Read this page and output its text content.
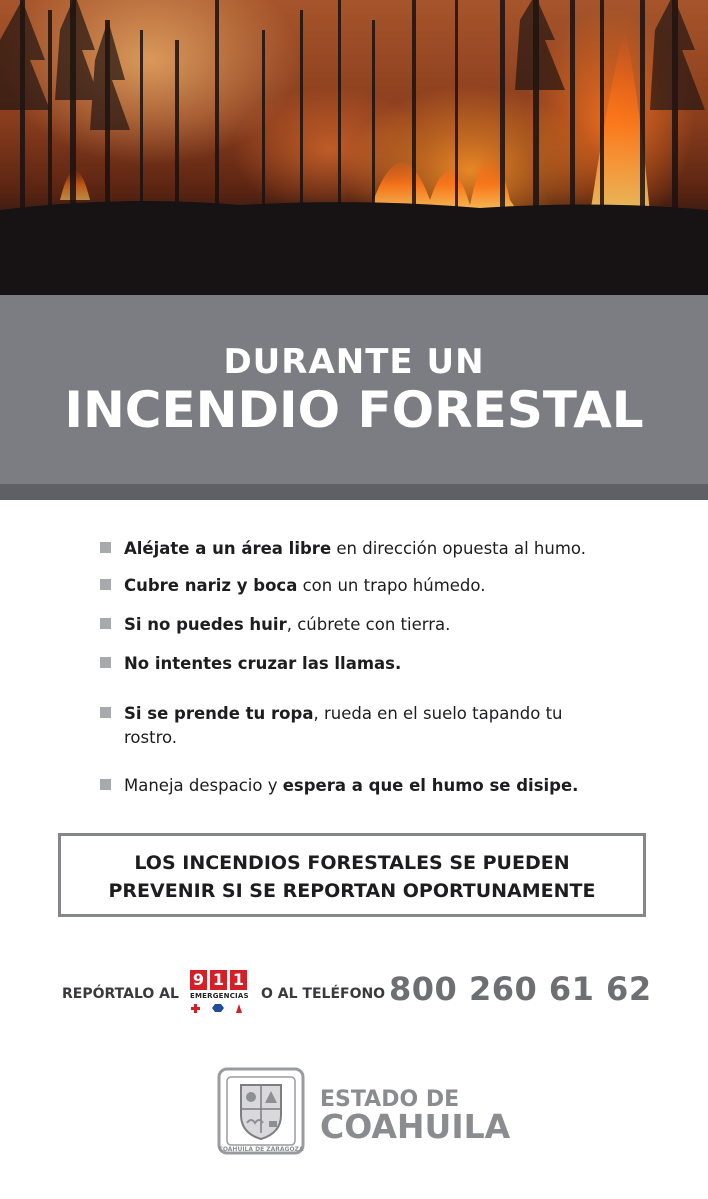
DURANTE UN
INCENDIO FORESTAL
Aléjate a un área libre en dirección opuesta al humo.
Cubre nariz y boca con un trapo húmedo.
Si no puedes huir, cúbrete con tierra.
No intentes cruzar las llamas.
Si se prende tu ropa, rueda en el suelo tapando tu rostro.
Maneja despacio y espera a que el humo se disipe.
LOS INCENDIOS FORESTALES SE PUEDEN
PREVENIR SI SE REPORTAN OPORTUNAMENTE
REPÓRTALO AL
9 1 1
EMERGENCIAS O AL TELÉFONO 800 260 61 62
COAHUILA DE ZARAGOZA
ESTADO DE
COAHUILA
